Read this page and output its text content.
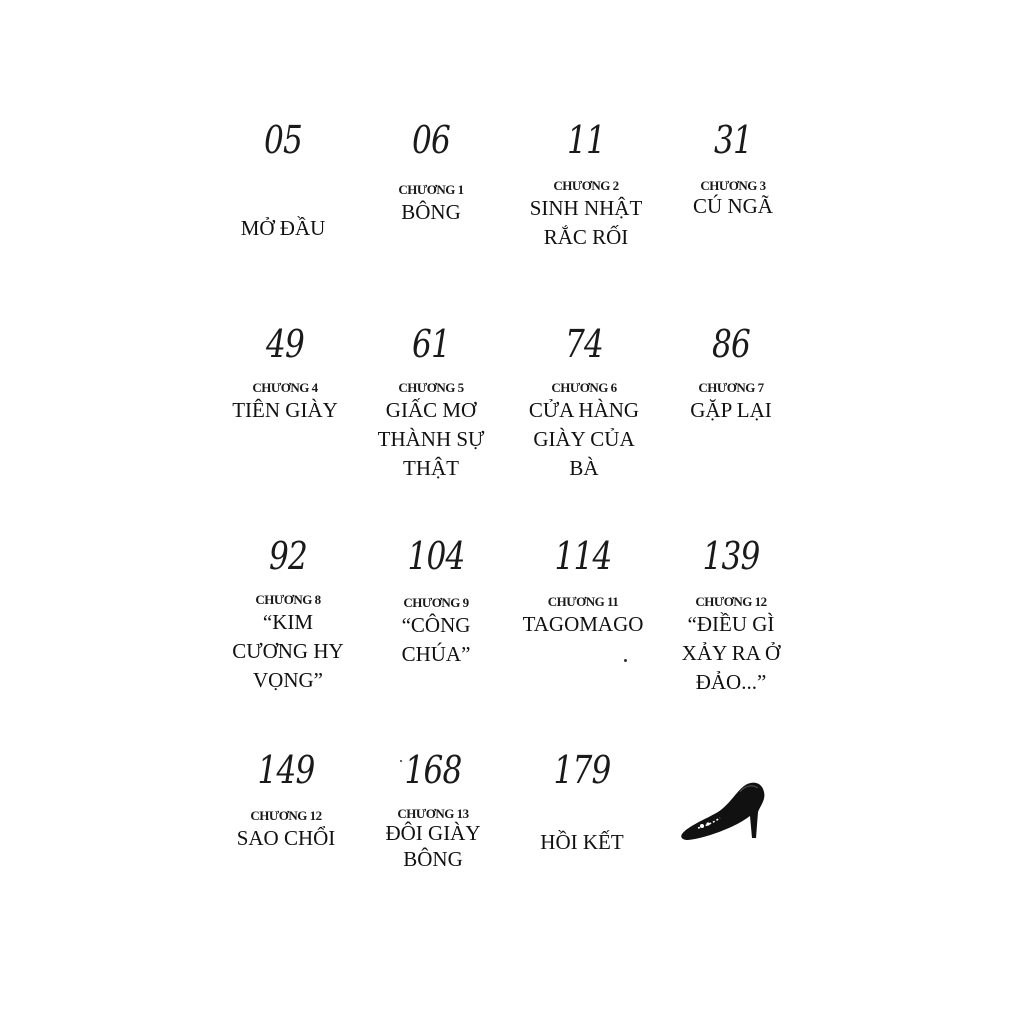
05
MỞ ĐẦU
06
CHƯƠNG 1
BÔNG
11
CHƯƠNG 2
SINH NHẬT
RẮC RỐI
31
CHƯƠNG 3
CÚ NGÃ
49
CHƯƠNG 4
TIÊN GIÀY
61
CHƯƠNG 5
GIẤC MƠ
THÀNH SỰ
THẬT
74
CHƯƠNG 6
CỬA HÀNG
GIÀY CỦA
BÀ
86
CHƯƠNG 7
GẶP LẠI
92
CHƯƠNG 8
“KIM
CƯƠNG HY
VỌNG”
104
CHƯƠNG 9
“CÔNG
CHÚA”
114
CHƯƠNG 11
TAGOMAGO
139
CHƯƠNG 12
“ĐIỀU GÌ
XẢY RA Ở
ĐẢO...”
149
CHƯƠNG 12
SAO CHỔI
168
CHƯƠNG 13
ĐÔI GIÀY
BÔNG
179
HỒI KẾT
